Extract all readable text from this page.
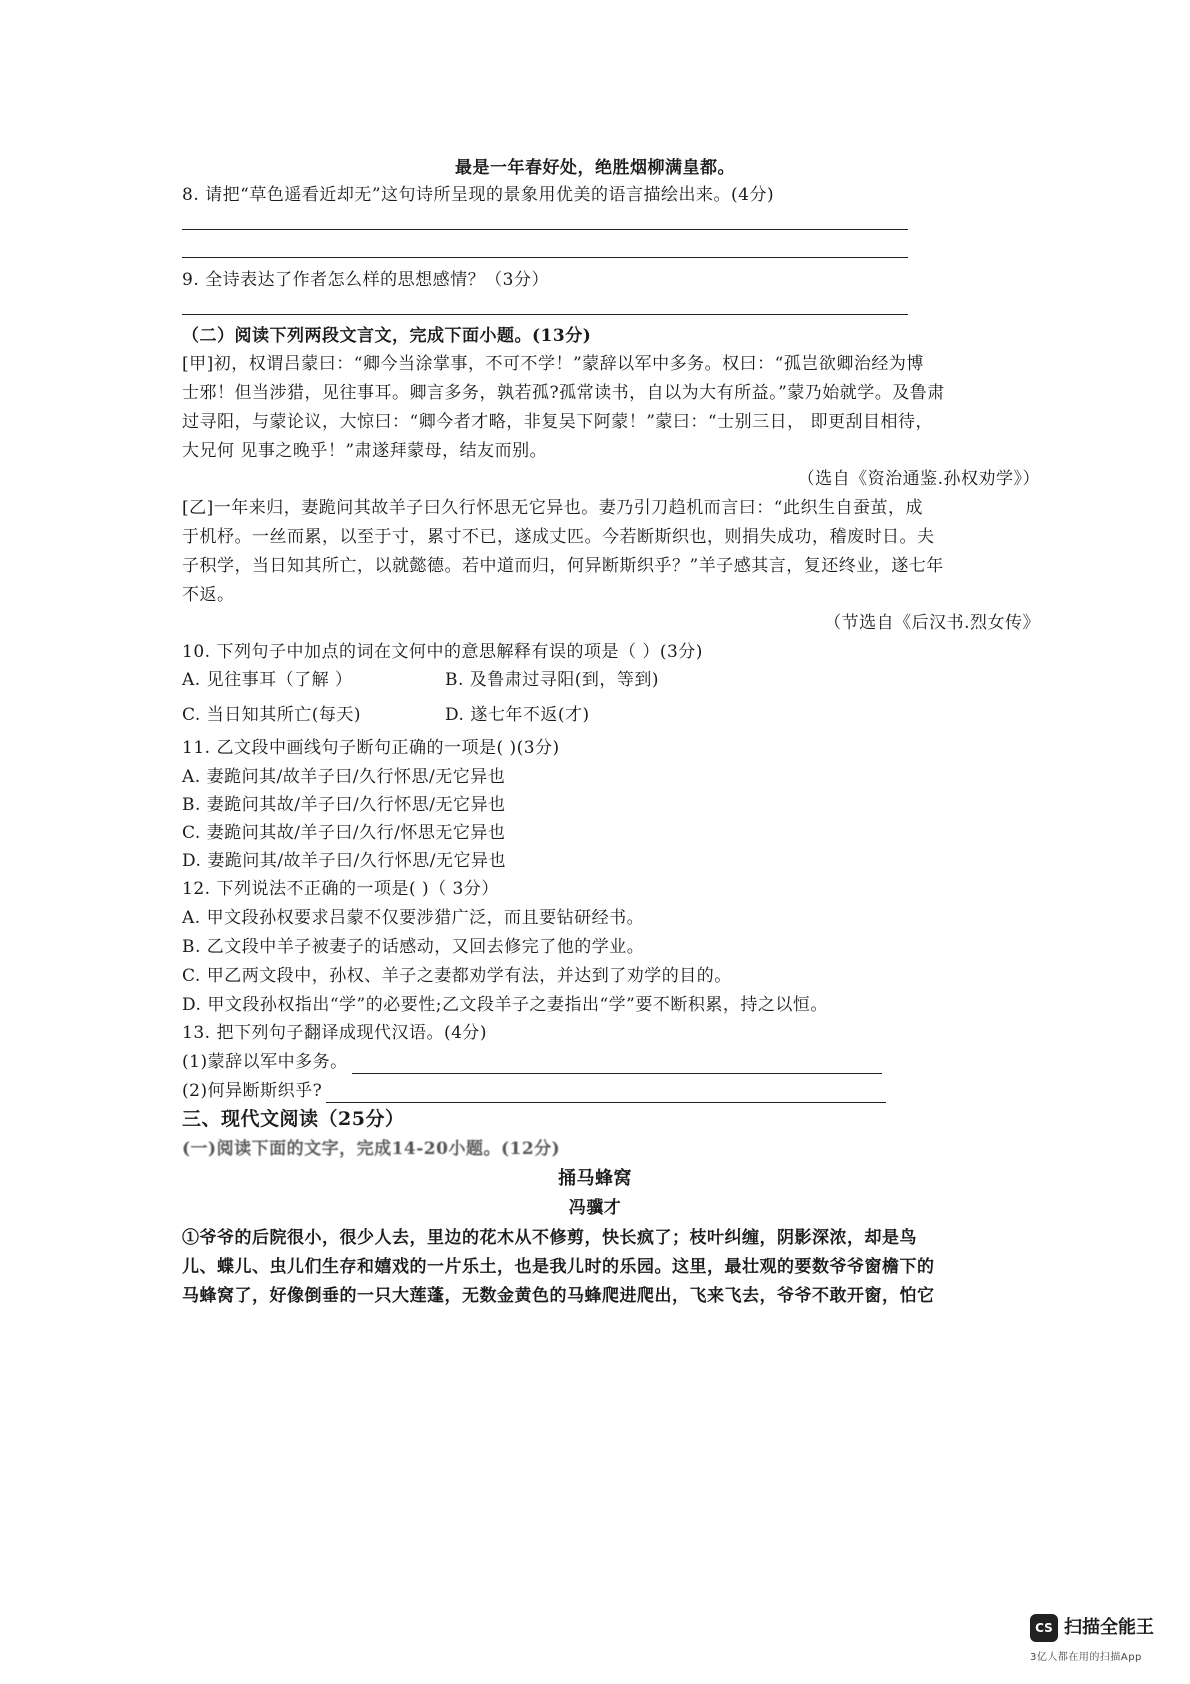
最是一年春好处，绝胜烟柳满皇都。
8. 请把“草色遥看近却无”这句诗所呈现的景象用优美的语言描绘出来。(4分)
9. 全诗表达了作者怎么样的思想感情？（3分）
（二）阅读下列两段文言文，完成下面小题。(13分)
[甲]初，权谓吕蒙曰：“卿今当涂掌事，不可不学！”蒙辞以军中多务。权曰：“孤岂欲卿治经为博
士邪！但当涉猎，见往事耳。卿言多务，孰若孤?孤常读书，自以为大有所益。”蒙乃始就学。及鲁肃
过寻阳，与蒙论议，大惊曰：“卿今者才略，非复吴下阿蒙！”蒙曰：“士别三日， 即更刮目相待，
大兄何 见事之晚乎！”肃遂拜蒙母，结友而别。
（选自《资治通鉴.孙权劝学》）
[乙]一年来归，妻跪问其故羊子曰久行怀思无它异也。妻乃引刀趋机而言曰：“此织生自蚕茧，成
于机杼。一丝而累，以至于寸，累寸不已，遂成丈匹。今若断斯织也，则捐失成功，稽废时日。夫
子积学，当日知其所亡，以就懿德。若中道而归，何异断斯织乎？”羊子感其言，复还终业，遂七年
不返。
（节选自《后汉书.烈女传》
10. 下列句子中加点的词在文何中的意思解释有误的项是（ ）(3分)
A. 见往事耳（了解 ）	B. 及鲁肃过寻阳(到，等到)
C. 当日知其所亡(每天)	D. 遂七年不返(才)
11. 乙文段中画线句子断句正确的一项是( )(3分)
A. 妻跪问其/故羊子曰/久行怀思/无它异也
B. 妻跪问其故/羊子曰/久行怀思/无它异也
C. 妻跪问其故/羊子曰/久行/怀思无它异也
D. 妻跪问其/故羊子曰/久行怀思/无它异也
12. 下列说法不正确的一项是( )（ 3分）
A. 甲文段孙权要求吕蒙不仅要涉猎广泛，而且要钻研经书。
B. 乙文段中羊子被妻子的话感动，又回去修完了他的学业。
C. 甲乙两文段中，孙权、羊子之妻都劝学有法，并达到了劝学的目的。
D. 甲文段孙权指出“学”的必要性;乙文段羊子之妻指出“学”要不断积累，持之以恒。
13. 把下列句子翻译成现代汉语。(4分)
(1)蒙辞以军中多务。
(2)何异断斯织乎?
三、现代文阅读（25分）
(一)阅读下面的文字，完成14-20小题。(12分)
捅马蜂窝
冯骥才
①爷爷的后院很小，很少人去，里边的花木从不修剪，快长疯了；枝叶纠缠，阴影深浓，却是鸟
儿、蝶儿、虫儿们生存和嬉戏的一片乐土，也是我儿时的乐园。这里，最壮观的要数爷爷窗檐下的
马蜂窝了，好像倒垂的一只大莲蓬，无数金黄色的马蜂爬进爬出，飞来飞去，爷爷不敢开窗，怕它
CS 扫描全能王
3亿人都在用的扫描App
